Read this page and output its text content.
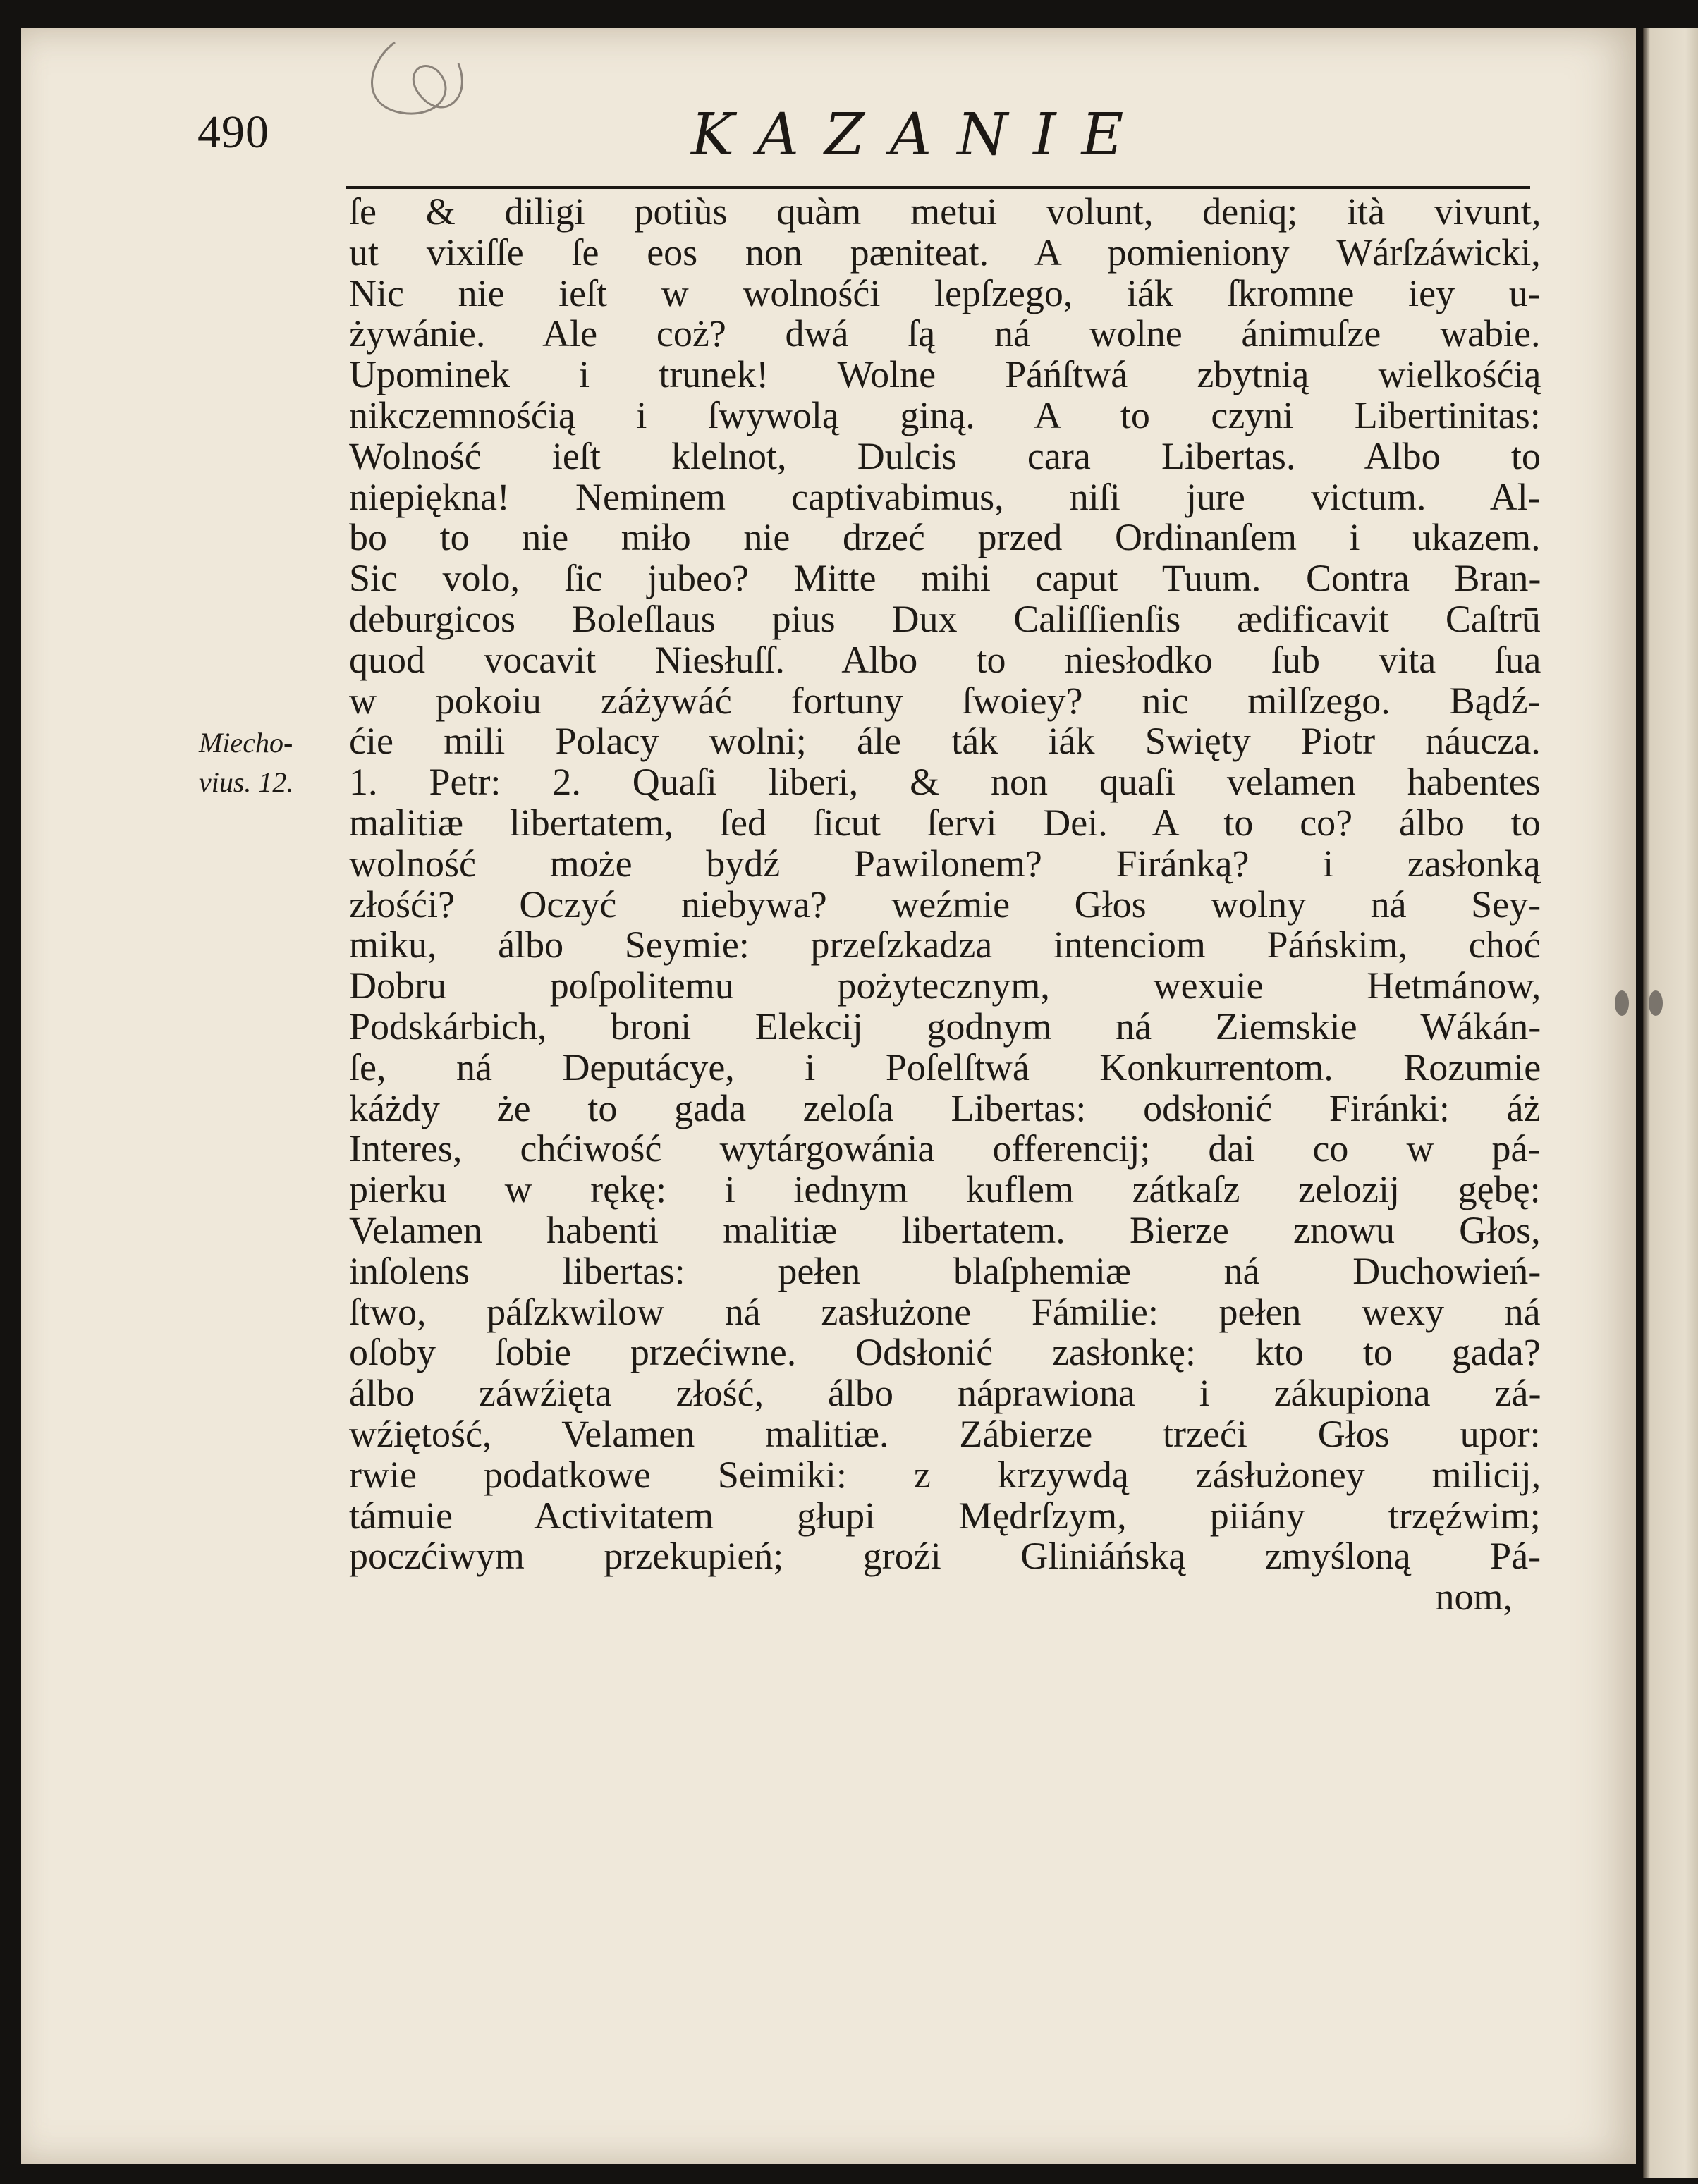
490	KAZANIE
Miecho-
vius. 12.
ſe & diligi potiùs quàm metui volunt, deniq; ità vivunt,
ut vixiſſe ſe eos non pæniteat. A pomieniony Wárſzáwicki,
Nic nie ieſt w wolnośći lepſzego, iák ſkromne iey u-
żywánie. Ale coż? dwá ſą ná wolne ánimuſze wabie.
Upominek i trunek! Wolne Páńſtwá zbytnią wielkośćią
nikczemnośćią i ſwywolą giną. A to czyni Libertinitas:
Wolność ieſt klelnot, Dulcis cara Libertas. Albo to
niepiękna! Neminem captivabimus, niſi jure victum. Al-
bo to nie miło nie drzeć przed Ordinanſem i ukazem.
Sic volo, ſic jubeo? Mitte mihi caput Tuum. Contra Bran-
deburgicos Boleſlaus pius Dux Caliſſienſis ædificavit Caſtrū
quod vocavit Niesłuſſ. Albo to niesłodko ſub vita ſua
w pokoiu záżywáć fortuny ſwoiey? nic milſzego. Bądź-
ćie mili Polacy wolni; ále ták iák Swięty Piotr náucza.
1. Petr: 2. Quaſi liberi, & non quaſi velamen habentes
malitiæ libertatem, ſed ſicut ſervi Dei. A to co? álbo to
wolność może bydź Pawilonem? Firánką? i zasłonką
złośći? Oczyć niebywa? weźmie Głos wolny ná Sey-
miku, álbo Seymie: przeſzkadza intenciom Páńskim, choć
Dobru poſpolitemu pożytecznym, wexuie Hetmánow,
Podskárbich, broni Elekcij godnym ná Ziemskie Wákán-
ſe, ná Deputácye, i Poſelſtwá Konkurrentom. Rozumie
káżdy że to gada zeloſa Libertas: odsłonić Firánki: áż
Interes, chćiwość wytárgowánia offerencij; dai co w pá-
pierku w rękę: i iednym kuflem zátkaſz zelozij gębę:
Velamen habenti malitiæ libertatem. Bierze znowu Głos,
inſolens libertas: pełen blaſphemiæ ná Duchowień-
ſtwo, páſzkwilow ná zasłużone Fámilie: pełen wexy ná
oſoby ſobie przećiwne. Odsłonić zasłonkę: kto to gada?
álbo záwźięta złość, álbo náprawiona i zákupiona zá-
wźiętość, Velamen malitiæ. Zábierze trzeći Głos upor:
rwie podatkowe Seimiki: z krzywdą zásłużoney milicij,
támuie Activitatem głupi Mędrſzym, piiány trzęźwim;
poczćiwym przekupień; groźi Gliniáńską zmyśloną Pá-
nom,
